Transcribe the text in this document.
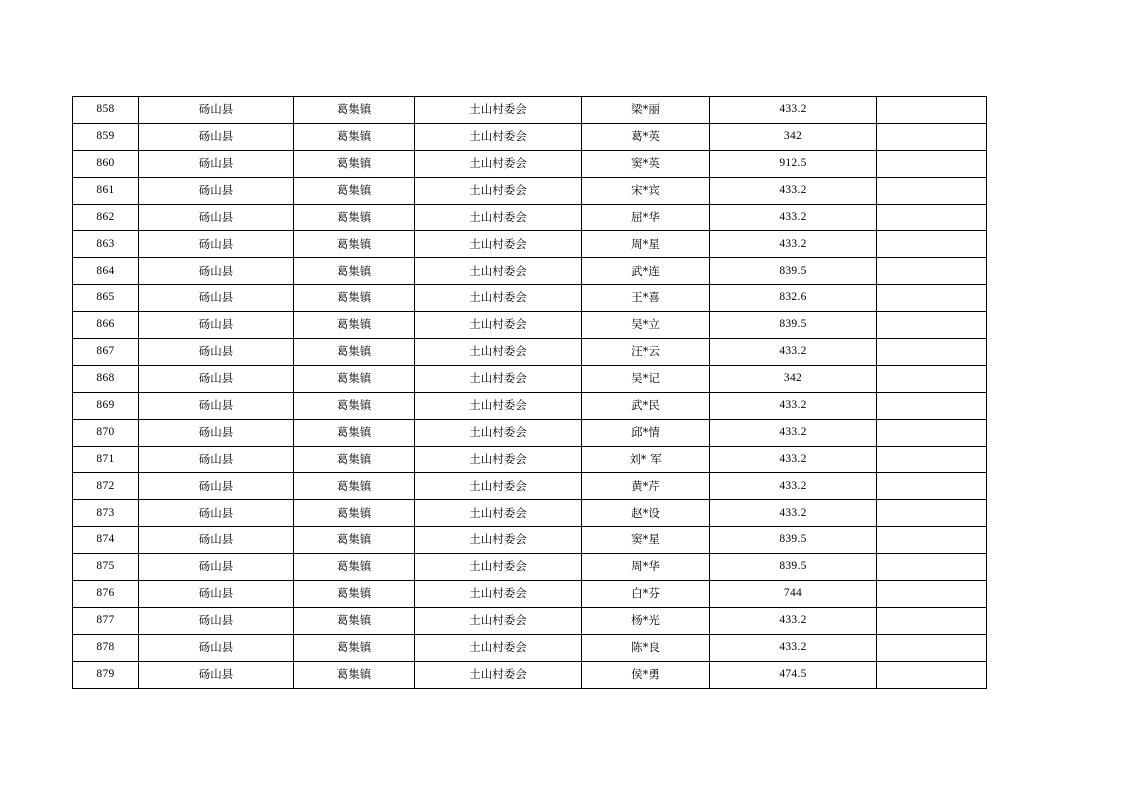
858	砀山县	葛集镇	土山村委会	梁*丽	433.2	
859	砀山县	葛集镇	土山村委会	葛*英	342	
860	砀山县	葛集镇	土山村委会	窦*英	912.5	
861	砀山县	葛集镇	土山村委会	宋*宾	433.2	
862	砀山县	葛集镇	土山村委会	屈*华	433.2	
863	砀山县	葛集镇	土山村委会	周*星	433.2	
864	砀山县	葛集镇	土山村委会	武*连	839.5	
865	砀山县	葛集镇	土山村委会	王*喜	832.6	
866	砀山县	葛集镇	土山村委会	吴*立	839.5	
867	砀山县	葛集镇	土山村委会	汪*云	433.2	
868	砀山县	葛集镇	土山村委会	吴*记	342	
869	砀山县	葛集镇	土山村委会	武*民	433.2	
870	砀山县	葛集镇	土山村委会	邱*情	433.2	
871	砀山县	葛集镇	土山村委会	刘* 军	433.2	
872	砀山县	葛集镇	土山村委会	黄*芹	433.2	
873	砀山县	葛集镇	土山村委会	赵*设	433.2	
874	砀山县	葛集镇	土山村委会	窦*星	839.5	
875	砀山县	葛集镇	土山村委会	周*华	839.5	
876	砀山县	葛集镇	土山村委会	白*芬	744	
877	砀山县	葛集镇	土山村委会	杨*光	433.2	
878	砀山县	葛集镇	土山村委会	陈*良	433.2	
879	砀山县	葛集镇	土山村委会	侯*勇	474.5	
